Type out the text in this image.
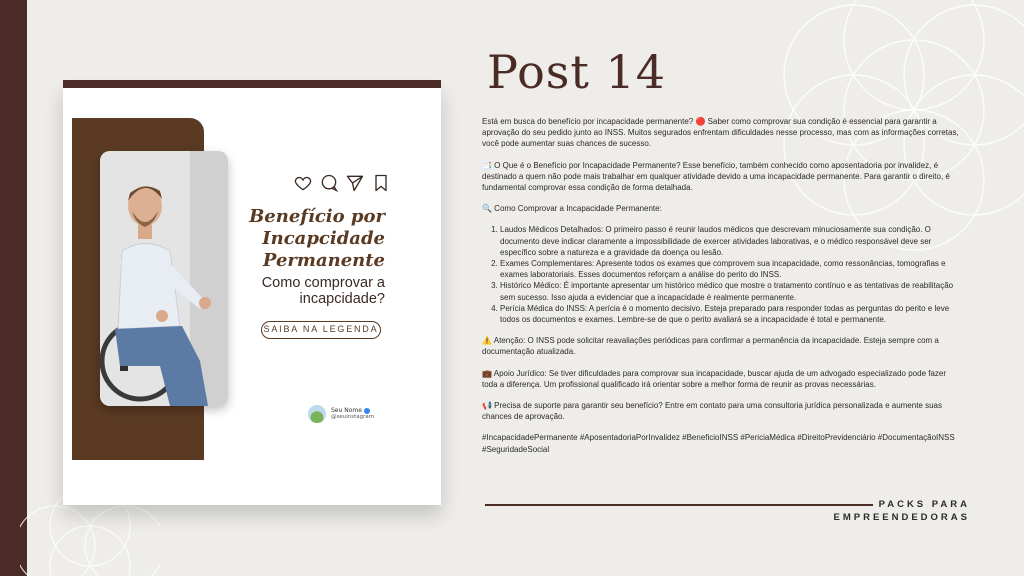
Benefício por Incapcidade Permanente
Como comprovar a incapcidade?
SAIBA NA LEGENDA
Seu Nome
@seuinstagram
Post 14

Está em busca do benefício por incapacidade permanente? 🔴 Saber como comprovar sua condição é essencial para garantir a aprovação do seu pedido junto ao INSS. Muitos segurados enfrentam dificuldades nesse processo, mas com as informações corretas, você pode aumentar suas chances de sucesso.

📑 O Que é o Benefício por Incapacidade Permanente? Esse benefício, também conhecido como aposentadoria por invalidez, é destinado a quem não pode mais trabalhar em qualquer atividade devido a uma incapacidade permanente. Para garantir o direito, é fundamental comprovar essa condição de forma detalhada.

🔍 Como Comprovar a Incapacidade Permanente:

1. Laudos Médicos Detalhados: O primeiro passo é reunir laudos médicos que descrevam minuciosamente sua condição. O documento deve indicar claramente a impossibilidade de exercer atividades laborativas, e o médico responsável deve ser específico sobre a natureza e a gravidade da doença ou lesão.
2. Exames Complementares: Apresente todos os exames que comprovem sua incapacidade, como ressonâncias, tomografias e exames laboratoriais. Esses documentos reforçam a análise do perito do INSS.
3. Histórico Médico: É importante apresentar um histórico médico que mostre o tratamento contínuo e as tentativas de reabilitação sem sucesso. Isso ajuda a evidenciar que a incapacidade é realmente permanente.
4. Perícia Médica do INSS: A perícia é o momento decisivo. Esteja preparado para responder todas as perguntas do perito e leve todos os documentos e exames. Lembre-se de que o perito avaliará se a incapacidade é total e permanente.

⚠️ Atenção: O INSS pode solicitar reavaliações periódicas para confirmar a permanência da incapacidade. Esteja sempre com a documentação atualizada.

💼 Apoio Jurídico: Se tiver dificuldades para comprovar sua incapacidade, buscar ajuda de um advogado especializado pode fazer toda a diferença. Um profissional qualificado irá orientar sobre a melhor forma de reunir as provas necessárias.

📢 Precisa de suporte para garantir seu benefício? Entre em contato para uma consultoria jurídica personalizada e aumente suas chances de aprovação.

#IncapacidadePermanente #AposentadoriaPorInvalidez #BeneficioINSS #PericiaMédica #DireitoPrevidenciário #DocumentaçãoINSS #SeguridadeSocial

PACKS PARA
EMPREENDEDORAS
